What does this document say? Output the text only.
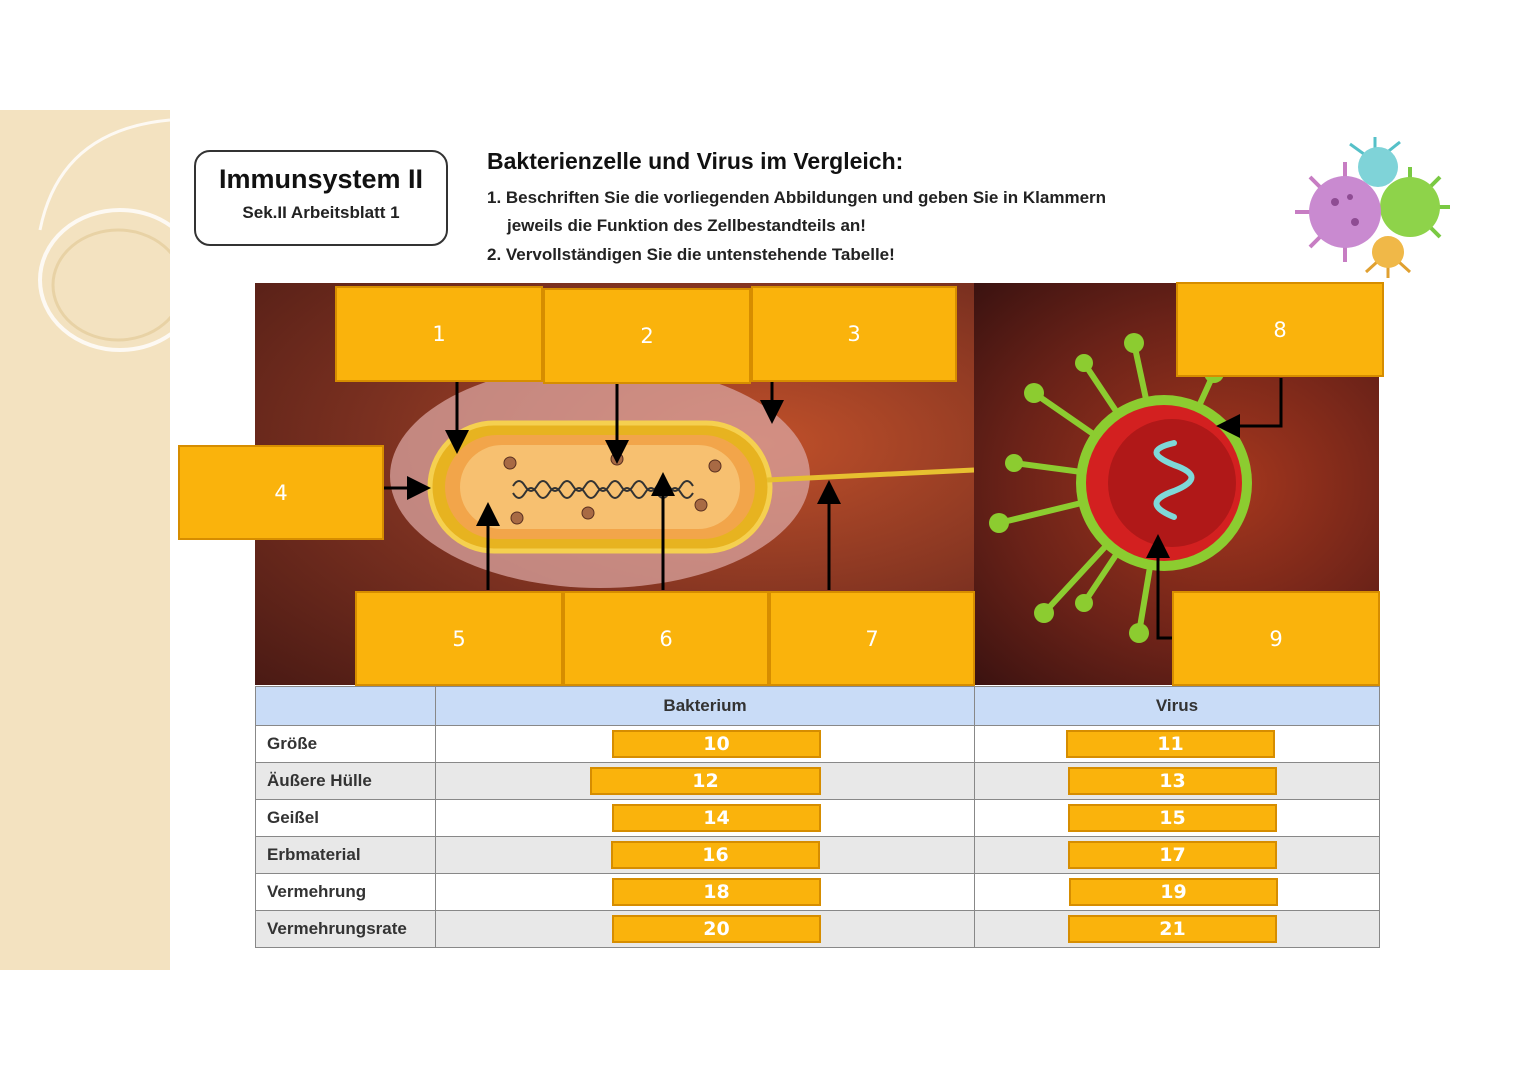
Immunsystem II
Sek.II Arbeitsblatt 1
Bakterienzelle und Virus im Vergleich:
1. Beschriften Sie die vorliegenden Abbildungen und geben Sie in Klammern
jeweils die Funktion des Zellbestandteils an!
2. Vervollständigen Sie die untenstehende Tabelle!
1	2	3
4
5	6	7
8
9
	Bakterium	Virus
Größe	10	11

Äußere Hülle	12	13

Geißel	14	15

Erbmaterial	16	17

Vermehrung	18	19

Vermehrungsrate	20	21
